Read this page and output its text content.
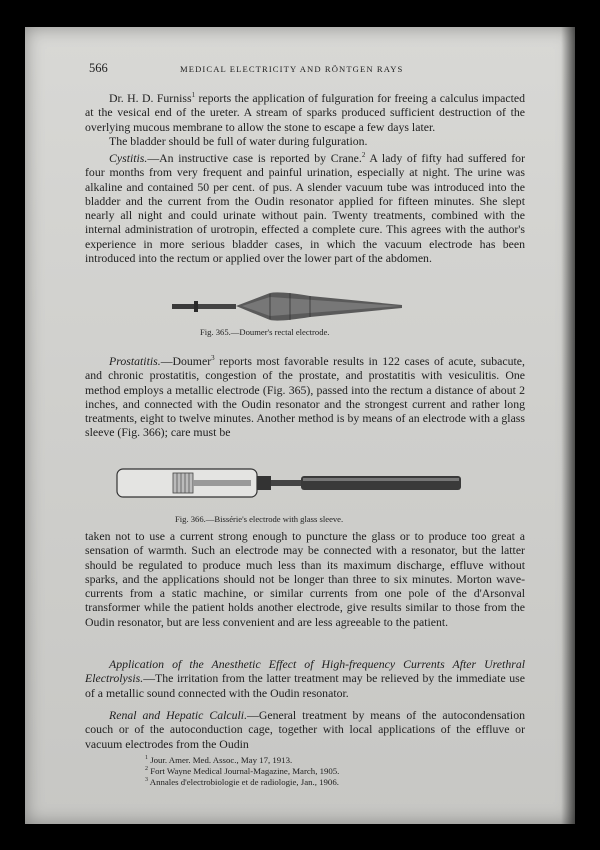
566	MEDICAL ELECTRICITY AND RÖNTGEN RAYS
Dr. H. D. Furniss$^1$ reports the application of fulguration for freeing a calculus impacted at the vesical end of the ureter. A stream of sparks produced sufficient destruction of the overlying mucous membrane to allow the stone to escape a few days later.
The bladder should be full of water during fulguration.
Cystitis.—An instructive case is reported by Crane.$^2$ A lady of fifty had suffered for four months from very frequent and painful urination, especially at night. The urine was alkaline and contained 50 per cent. of pus. A slender vacuum tube was introduced into the bladder and the current from the Oudin resonator applied for fifteen minutes. She slept nearly all night and could urinate without pain. Twenty treatments, combined with the internal administration of urotropin, effected a complete cure. This agrees with the author's experience in more serious bladder cases, in which the vacuum electrode has been introduced into the rectum or applied over the lower part of the abdomen.
Fig. 365.—Doumer's rectal electrode.
Prostatitis.—Doumer$^3$ reports most favorable results in 122 cases of acute, subacute, and chronic prostatitis, congestion of the prostate, and prostatitis with vesiculitis. One method employs a metallic electrode (Fig. 365), passed into the rectum a distance of about 2 inches, and connected with the Oudin resonator and the strongest current and rather long treatments, eight to twelve minutes. Another method is by means of an electrode with a glass sleeve (Fig. 366); care must be
Fig. 366.—Bissérie's electrode with glass sleeve.
taken not to use a current strong enough to puncture the glass or to produce too great a sensation of warmth. Such an electrode may be connected with a resonator, but the latter should be regulated to produce much less than its maximum discharge, effluve without sparks, and the applications should not be longer than three to six minutes. Morton wave-currents from a static machine, or similar currents from one pole of the d'Arsonval transformer while the patient holds another electrode, give results similar to those from the Oudin resonator, but are less convenient and are less agreeable to the patient.
Application of the Anesthetic Effect of High-frequency Currents After Urethral Electrolysis.—The irritation from the latter treatment may be relieved by the immediate use of a metallic sound connected with the Oudin resonator.
Renal and Hepatic Calculi.—General treatment by means of the autocondensation couch or of the autoconduction cage, together with local applications of the effluve or vacuum electrodes from the Oudin
$^1$ Jour. Amer. Med. Assoc., May 17, 1913.
$^2$ Fort Wayne Medical Journal-Magazine, March, 1905.
$^3$ Annales d'electrobiologie et de radiologie, Jan., 1906.
